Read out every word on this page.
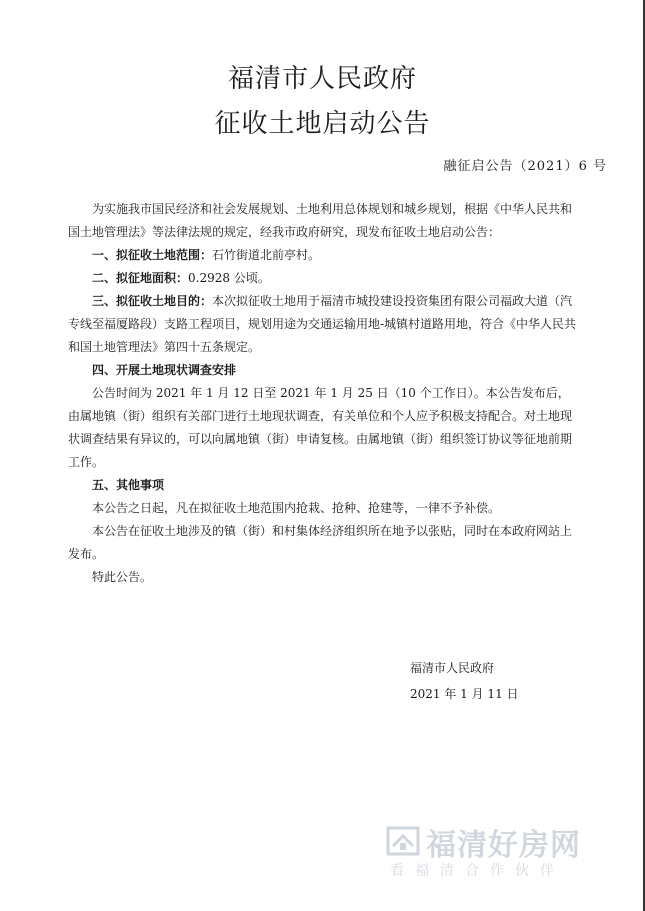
福清市人民政府
征收土地启动公告
融征启公告（2021）6 号

为实施我市国民经济和社会发展规划、土地利用总体规划和城乡规划，根据《中华人民共和国土地管理法》等法律法规的规定，经我市政府研究，现发布征收土地启动公告：

一、拟征收土地范围：石竹街道北前亭村。

二、拟征地面积：0.2928 公顷。

三、拟征收土地目的：本次拟征收土地用于福清市城投建设投资集团有限公司福政大道（汽专线至福厦路段）支路工程项目，规划用途为交通运输用地-城镇村道路用地，符合《中华人民共和国土地管理法》第四十五条规定。

四、开展土地现状调查安排

公告时间为 2021 年 1 月 12 日至 2021 年 1 月 25 日（10 个工作日）。本公告发布后，由属地镇（街）组织有关部门进行土地现状调查，有关单位和个人应予积极支持配合。对土地现状调查结果有异议的，可以向属地镇（街）申请复核。由属地镇（街）组织签订协议等征地前期工作。

五、其他事项

本公告之日起，凡在拟征收土地范围内抢栽、抢种、抢建等，一律不予补偿。

本公告在征收土地涉及的镇（街）和村集体经济组织所在地予以张贴，同时在本政府网站上发布。

特此公告。

福清市人民政府
2021 年 1 月 11 日
福清好房网
看福清合作伙伴
